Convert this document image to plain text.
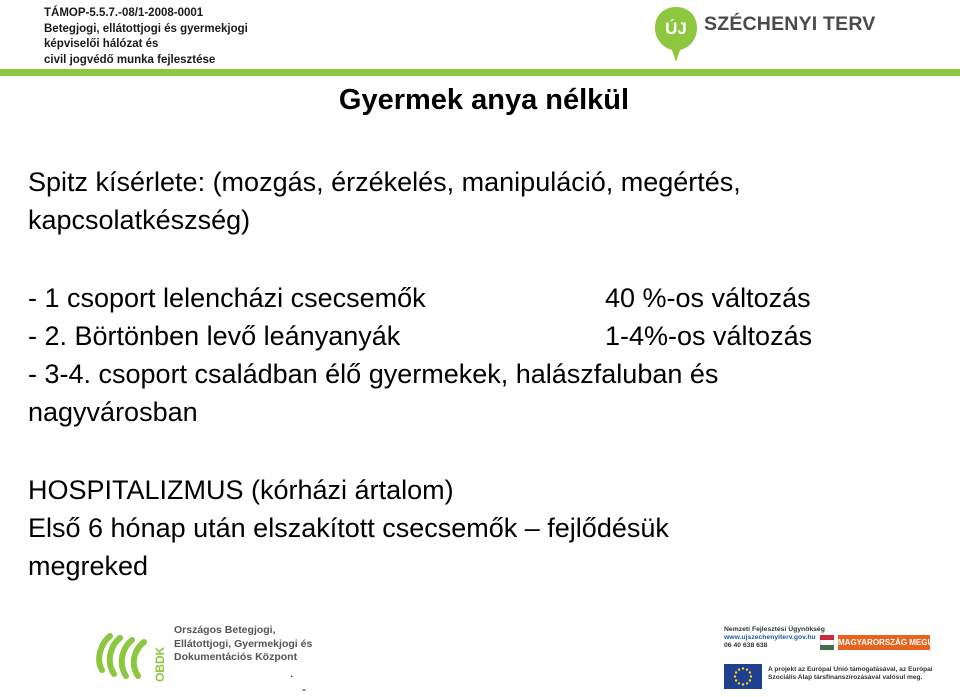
TÁMOP-5.5.7.-08/1-2008-0001
Betegjogi, ellátottjogi és gyermekjogi
képviselői hálózat és
civil jogvédő munka fejlesztése
ÚJ SZÉCHENYI TERV
Gyermek anya nélkül
Spitz kísérlete: (mozgás, érzékelés, manipuláció, megértés,
kapcsolatkészség)
- 1 csoport lelencházi csecsemők	40 %-os változás
- 2. Börtönben levő leányanyák	1-4%-os változás
- 3-4. csoport családban élő gyermekek, halászfaluban és
nagyvárosban
HOSPITALIZMUS (kórházi ártalom)
Első 6 hónap után elszakított csecsemők – fejlődésük
megreked
OBDK
Országos Betegjogi,
Ellátottjogi, Gyermekjogi és
Dokumentációs Központ
.
-
Nemzeti Fejlesztési Ügynökség
www.ujszechenyiterv.gov.hu
06 40 638 638	MAGYARORSZÁG MEGÚJUL
A projekt az Európai Unió támogatásával, az Európai
Szociális Alap társfinanszírozásával valósul meg.
